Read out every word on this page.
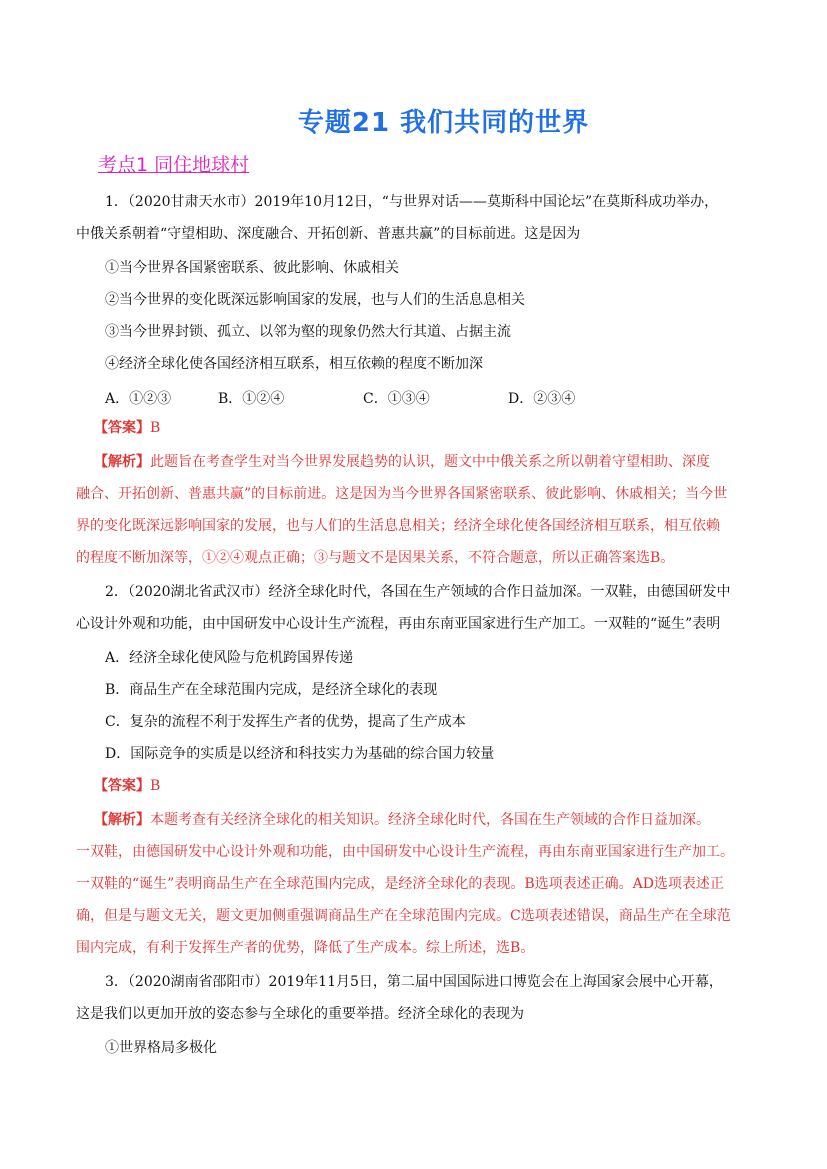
专题21 我们共同的世界
考点1 同住地球村
1．（2020甘肃天水市）2019年10月12日，“与世界对话——莫斯科中国论坛”在莫斯科成功举办，
中俄关系朝着“守望相助、深度融合、开拓创新、普惠共赢”的目标前进。这是因为
①当今世界各国紧密联系、彼此影响、休戚相关
②当今世界的变化既深远影响国家的发展，也与人们的生活息息相关
③当今世界封锁、孤立、以邻为壑的现象仍然大行其道、占据主流
④经济全球化使各国经济相互联系，相互依赖的程度不断加深
A．①②③	B．①②④	C．①③④	D．②③④
【答案】B
【解析】此题旨在考查学生对当今世界发展趋势的认识，题文中中俄关系之所以朝着守望相助、深度
融合、开拓创新、普惠共赢”的目标前进。这是因为当今世界各国紧密联系、彼此影响、休戚相关；当今世
界的变化既深远影响国家的发展，也与人们的生活息息相关；经济全球化使各国经济相互联系，相互依赖
的程度不断加深等，①②④观点正确；③与题文不是因果关系，不符合题意，所以正确答案选B。
2．（2020湖北省武汉市）经济全球化时代，各国在生产领域的合作日益加深。一双鞋，由德国研发中
心设计外观和功能，由中国研发中心设计生产流程，再由东南亚国家进行生产加工。一双鞋的“诞生”表明
A．经济全球化使风险与危机跨国界传递
B．商品生产在全球范围内完成，是经济全球化的表现
C．复杂的流程不利于发挥生产者的优势，提高了生产成本
D．国际竞争的实质是以经济和科技实力为基础的综合国力较量
【答案】B
【解析】本题考查有关经济全球化的相关知识。经济全球化时代，各国在生产领域的合作日益加深。
一双鞋，由德国研发中心设计外观和功能，由中国研发中心设计生产流程，再由东南亚国家进行生产加工。
一双鞋的“诞生”表明商品生产在全球范围内完成，是经济全球化的表现。B选项表述正确。AD选项表述正
确，但是与题文无关，题文更加侧重强调商品生产在全球范围内完成。C选项表述错误，商品生产在全球范
围内完成，有利于发挥生产者的优势，降低了生产成本。综上所述，选B。
3．（2020湖南省邵阳市）2019年11月5日，第二届中国国际进口博览会在上海国家会展中心开幕，
这是我们以更加开放的姿态参与全球化的重要举措。经济全球化的表现为
①世界格局多极化
